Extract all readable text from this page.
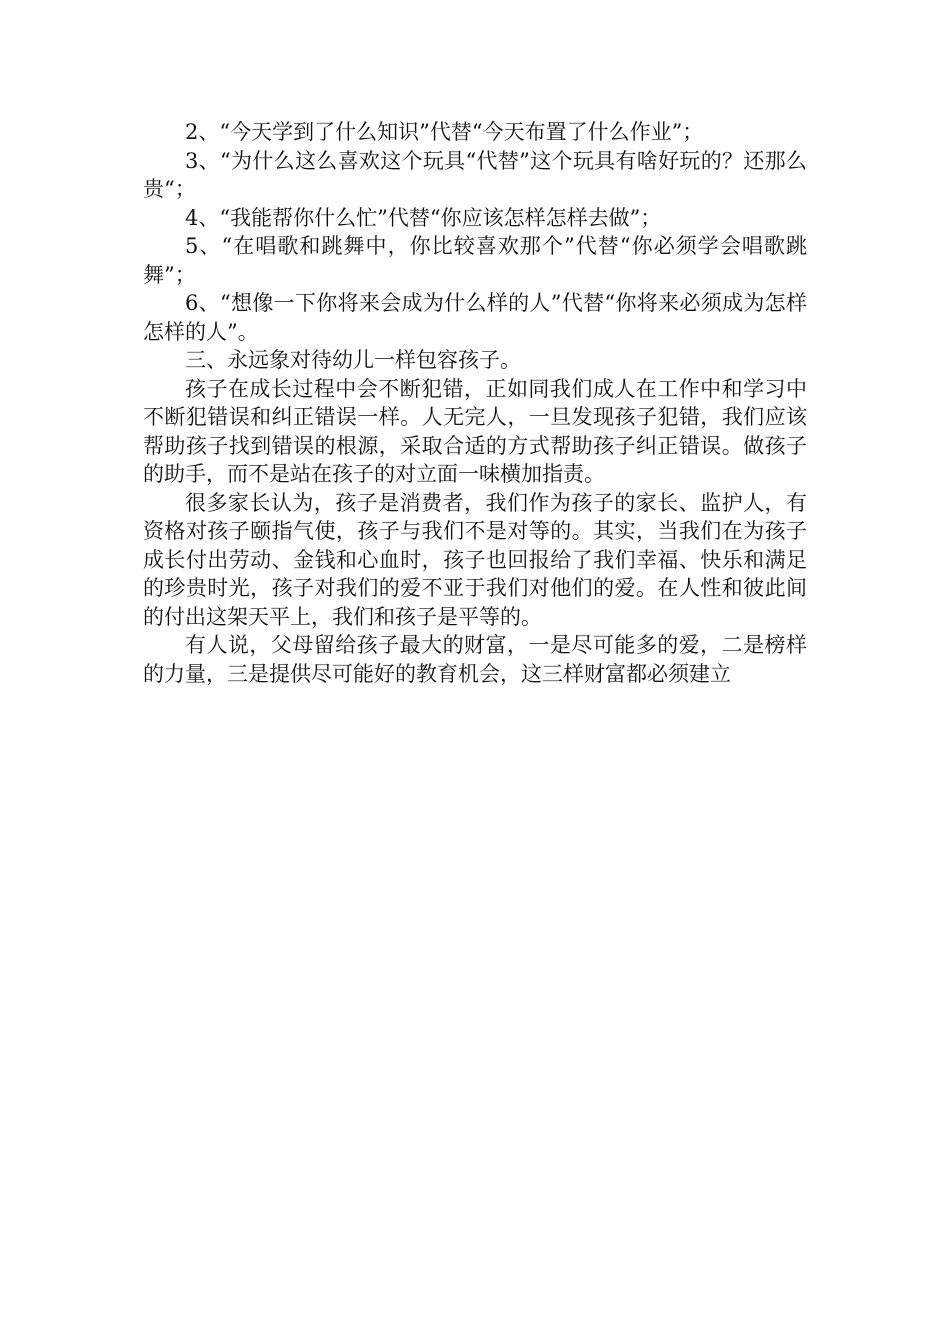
2、“今天学到了什么知识”代替“今天布置了什么作业”；

3、“为什么这么喜欢这个玩具“代替”这个玩具有啥好玩的？还那么贵“；

4、“我能帮你什么忙”代替“你应该怎样怎样去做”；

5、“在唱歌和跳舞中，你比较喜欢那个”代替“你必须学会唱歌跳舞”；

6、“想像一下你将来会成为什么样的人”代替“你将来必须成为怎样怎样的人”。

三、永远象对待幼儿一样包容孩子。

孩子在成长过程中会不断犯错，正如同我们成人在工作中和学习中不断犯错误和纠正错误一样。人无完人，一旦发现孩子犯错，我们应该帮助孩子找到错误的根源，采取合适的方式帮助孩子纠正错误。做孩子的助手，而不是站在孩子的对立面一味横加指责。

很多家长认为，孩子是消费者，我们作为孩子的家长、监护人，有资格对孩子颐指气使，孩子与我们不是对等的。其实，当我们在为孩子成长付出劳动、金钱和心血时，孩子也回报给了我们幸福、快乐和满足的珍贵时光，孩子对我们的爱不亚于我们对他们的爱。在人性和彼此间的付出这架天平上，我们和孩子是平等的。

有人说，父母留给孩子最大的财富，一是尽可能多的爱，二是榜样的力量，三是提供尽可能好的教育机会，这三样财富都必须建立
